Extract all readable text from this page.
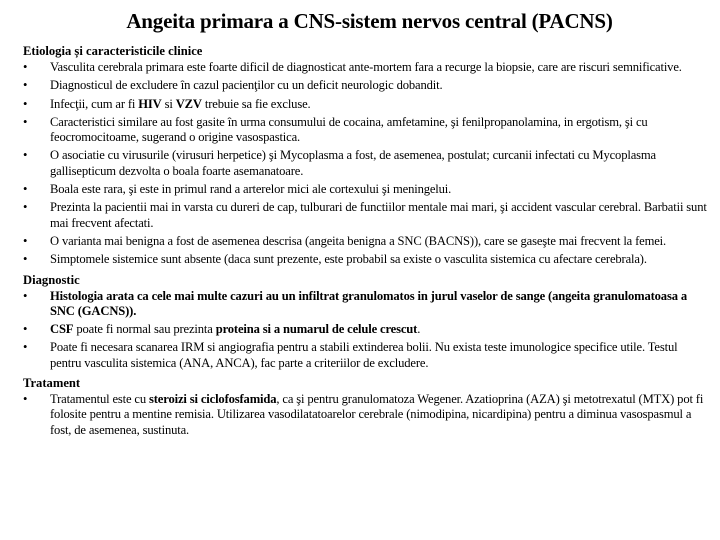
Angeita primara a CNS-sistem nervos central (PACNS)
Etiologia și caracteristicile clinice
• Vasculita cerebrala primara este foarte dificil de diagnosticat ante-mortem fara a recurge la biopsie, care are riscuri semnificative.
• Diagnosticul de excludere în cazul pacienţilor cu un deficit neurologic dobandit.
• Infecţii, cum ar fi HIV si VZV trebuie sa fie excluse.
• Caracteristici similare au fost gasite în urma consumului de cocaina, amfetamine, şi fenilpropanolamina, in ergotism, şi cu feocromocitoame, sugerand o origine vasospastica.
• O asociatie cu virusurile (virusuri herpetice) şi Mycoplasma a fost, de asemenea, postulat; curcanii infectati cu Mycoplasma gallisepticum dezvolta o boala foarte asemanatoare.
• Boala este rara, şi este in primul rand a arterelor mici ale cortexului şi meningelui.
• Prezinta la pacientii mai in varsta cu dureri de cap, tulburari de functiilor mentale mai mari, şi accident vascular cerebral. Barbatii sunt mai frecvent afectati.
• O varianta mai benigna a fost de asemenea descrisa (angeita benigna a SNC (BACNS)), care se gaseşte mai frecvent la femei.
• Simptomele sistemice sunt absente (daca sunt prezente, este probabil sa existe o vasculita sistemica cu afectare cerebrala).
Diagnostic
• Histologia arata ca cele mai multe cazuri au un infiltrat granulomatos in jurul vaselor de sange (angeita granulomatoasa a SNC (GACNS)).
• CSF poate fi normal sau prezinta proteina si a numarul de celule crescut.
• Poate fi necesara scanarea IRM si angiografia pentru a stabili extinderea bolii. Nu exista teste imunologice specifice utile. Testul pentru vasculita sistemica (ANA, ANCA), fac parte a criteriilor de excludere.
Tratament
• Tratamentul este cu steroizi si ciclofosfamida, ca şi pentru granulomatoza Wegener. Azatioprina (AZA) şi metotrexatul (MTX) pot fi folosite pentru a mentine remisia. Utilizarea vasodilatatoarelor cerebrale (nimodipina, nicardipina) pentru a diminua vasospasmul a fost, de asemenea, sustinuta.
